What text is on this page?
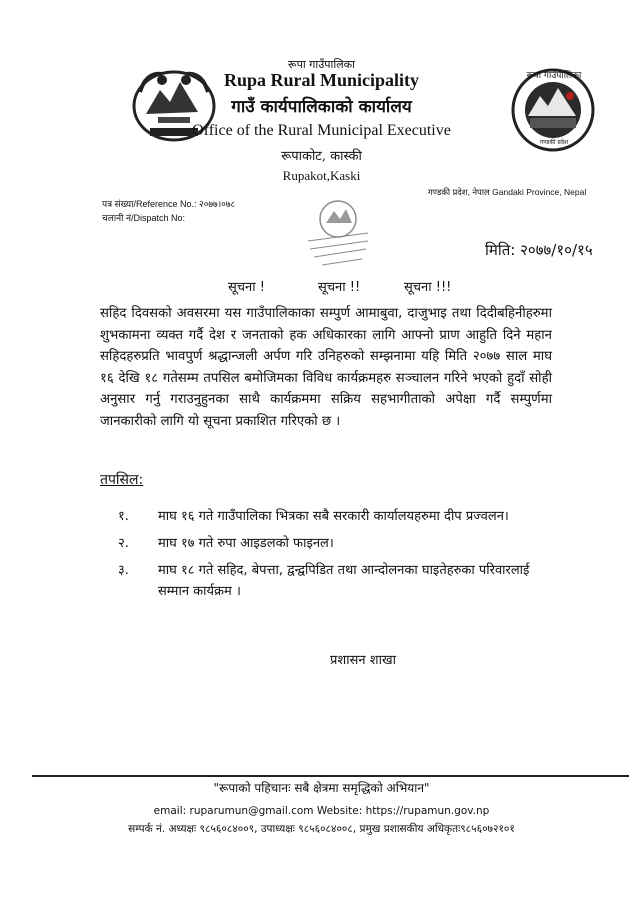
रूपा गाउँपालिका
गण्डकी प्रदेश
रूपा गाउँपालिका
Rupa Rural Municipality
गाउँ कार्यपालिकाको कार्यालय
Office of the Rural Municipal Executive
रूपाकोट, कास्की
Rupakot,Kaski
गण्डकी प्रदेश, नेपाल Gandaki Province, Nepal
पत्र संख्या/Reference No.: २०७७।०७८
चलानी नं/Dispatch No:
मिति: २०७७/१०/१५
सूचना !	सूचना !!	सूचना !!!
सहिद दिवसको अवसरमा यस गाउँपालिकाका सम्पुर्ण आमाबुवा, दाजुभाइ तथा दिदीबहिनीहरुमा शुभकामना व्यक्त गर्दै देश र जनताको हक अधिकारका लागि आफ्नो प्राण आहुति दिने महान सहिदहरुप्रति भावपुर्ण श्रद्धान्जली अर्पण गरि उनिहरुको सम्झनामा यहि मिति २०७७ साल माघ १६ देखि १८ गतेसम्म तपसिल बमोजिमका विविध कार्यक्रमहरु सञ्चालन गरिने भएको हुदाँ सोही अनुसार गर्नु गराउनुहुनका साथै कार्यक्रममा सक्रिय सहभागीताको अपेक्षा गर्दै सम्पुर्णमा जानकारीको लागि यो सूचना प्रकाशित गरिएको छ ।
तपसिल:
१.	माघ १६ गते गाउँपालिका भित्रका सबै सरकारी कार्यालयहरुमा दीप प्रज्वलन।
२.	माघ १७ गते रुपा आइडलको फाइनल।
३.	माघ १८ गते सहिद, बेपत्ता, द्वन्द्वपिडित तथा आन्दोलनका घाइतेहरुका परिवारलाई सम्मान कार्यक्रम ।
प्रशासन शाखा
"रूपाको पहिचानः सबै क्षेत्रमा समृद्धिको अभियान"
email: ruparumun@gmail.com Website: https://rupamun.gov.np
सम्पर्क नं. अध्यक्षः ९८५६०८४००९, उपाध्यक्षः ९८५६०८४००८, प्रमुख प्रशासकीय अधिकृतः९८५६०७२१०१
